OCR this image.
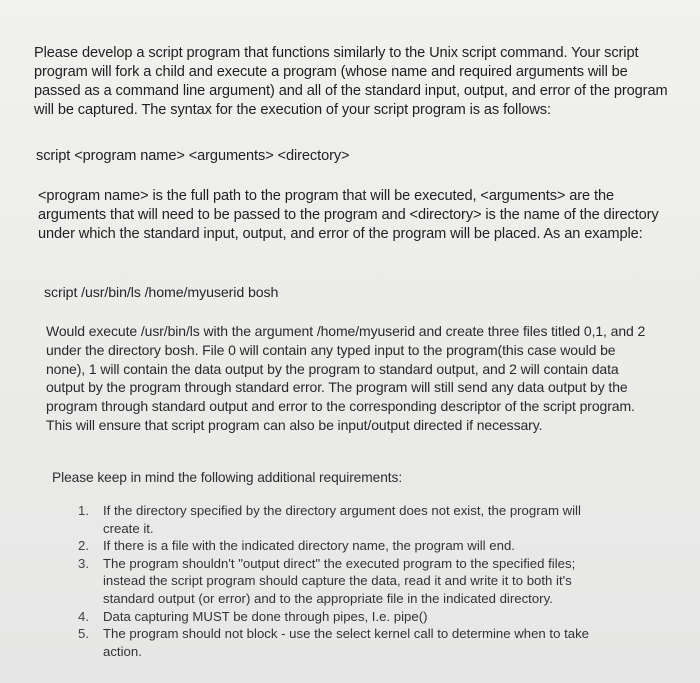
Please develop a script program that functions similarly to the Unix script command. Your script program will fork a child and execute a program (whose name and required arguments will be passed as a command line argument) and all of the standard input, output, and error of the program will be captured. The syntax for the execution of your script program is as follows:

script <program name> <arguments> <directory>

<program name> is the full path to the program that will be executed, <arguments> are the arguments that will need to be passed to the program and <directory> is the name of the directory under which the standard input, output, and error of the program will be placed. As an example:

script /usr/bin/ls /home/myuserid bosh

Would execute /usr/bin/ls with the argument /home/myuserid and create three files titled 0,1, and 2 under the directory bosh. File 0 will contain any typed input to the program(this case would be none), 1 will contain the data output by the program to standard output, and 2 will contain data output by the program through standard error. The program will still send any data output by the program through standard output and error to the corresponding descriptor of the script program. This will ensure that script program can also be input/output directed if necessary.

Please keep in mind the following additional requirements:

1. If the directory specified by the directory argument does not exist, the program will create it.
2. If there is a file with the indicated directory name, the program will end.
3. The program shouldn't "output direct" the executed program to the specified files; instead the script program should capture the data, read it and write it to both it's standard output (or error) and to the appropriate file in the indicated directory.
4. Data capturing MUST be done through pipes, I.e. pipe()
5. The program should not block - use the select kernel call to determine when to take action.
